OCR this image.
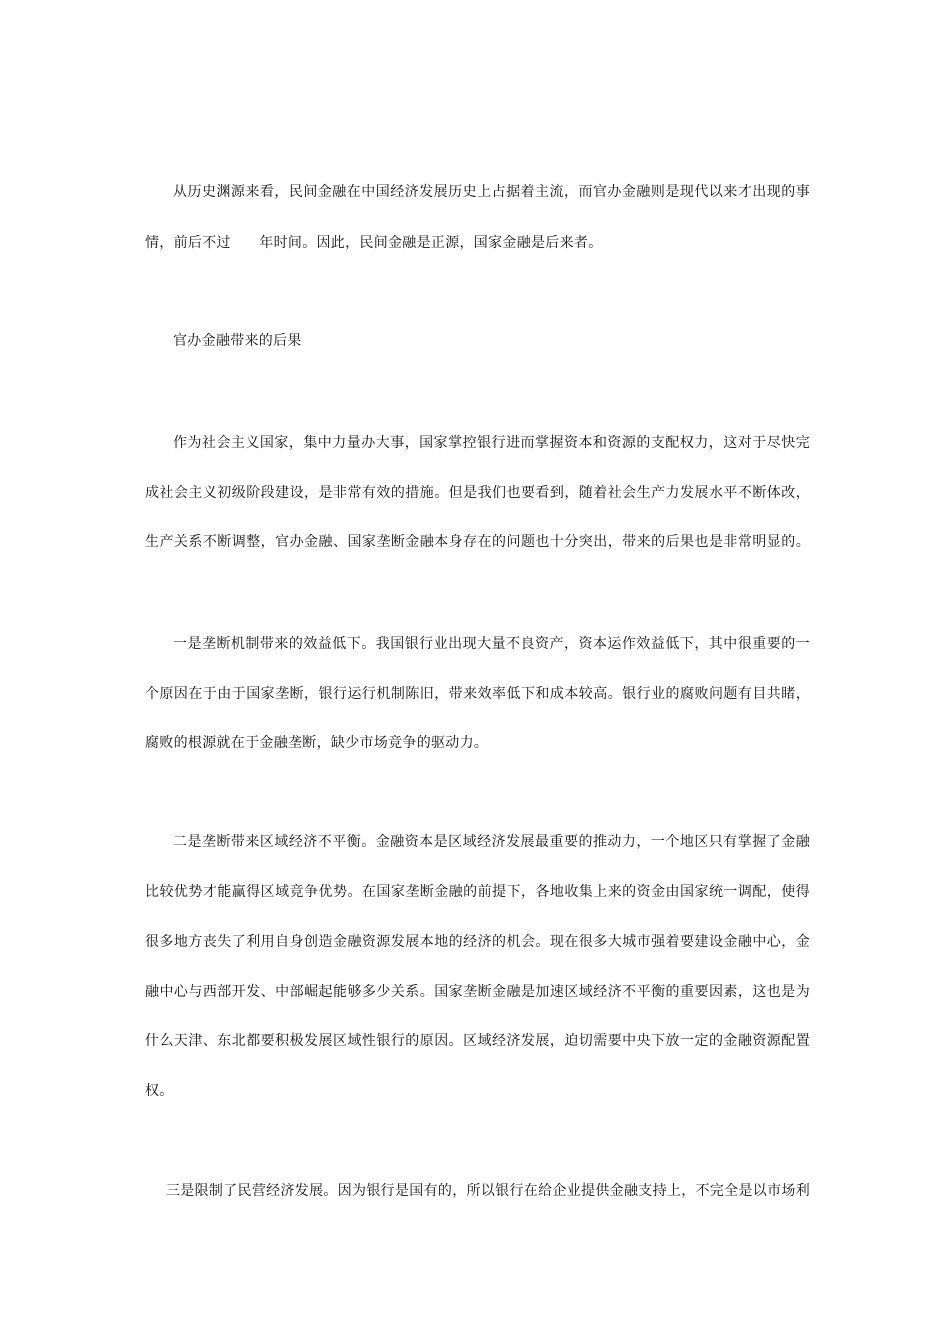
从历史渊源来看，民间金融在中国经济发展历史上占据着主流，而官办金融则是现代以来才出现的事
情，前后不过      年时间。因此，民间金融是正源，国家金融是后来者。
官办金融带来的后果
作为社会主义国家，集中力量办大事，国家掌控银行进而掌握资本和资源的支配权力，这对于尽快完
成社会主义初级阶段建设，是非常有效的措施。但是我们也要看到，随着社会生产力发展水平不断体改，
生产关系不断调整，官办金融、国家垄断金融本身存在的问题也十分突出，带来的后果也是非常明显的。
一是垄断机制带来的效益低下。我国银行业出现大量不良资产，资本运作效益低下，其中很重要的一
个原因在于由于国家垄断，银行运行机制陈旧，带来效率低下和成本较高。银行业的腐败问题有目共睹，
腐败的根源就在于金融垄断，缺少市场竞争的驱动力。
二是垄断带来区域经济不平衡。金融资本是区域经济发展最重要的推动力，一个地区只有掌握了金融
比较优势才能赢得区域竞争优势。在国家垄断金融的前提下，各地收集上来的资金由国家统一调配，使得
很多地方丧失了利用自身创造金融资源发展本地的经济的机会。现在很多大城市强着要建设金融中心，金
融中心与西部开发、中部崛起能够多少关系。国家垄断金融是加速区域经济不平衡的重要因素，这也是为
什么天津、东北都要积极发展区域性银行的原因。区域经济发展，迫切需要中央下放一定的金融资源配置
权。
三是限制了民营经济发展。因为银行是国有的，所以银行在给企业提供金融支持上，不完全是以市场利
